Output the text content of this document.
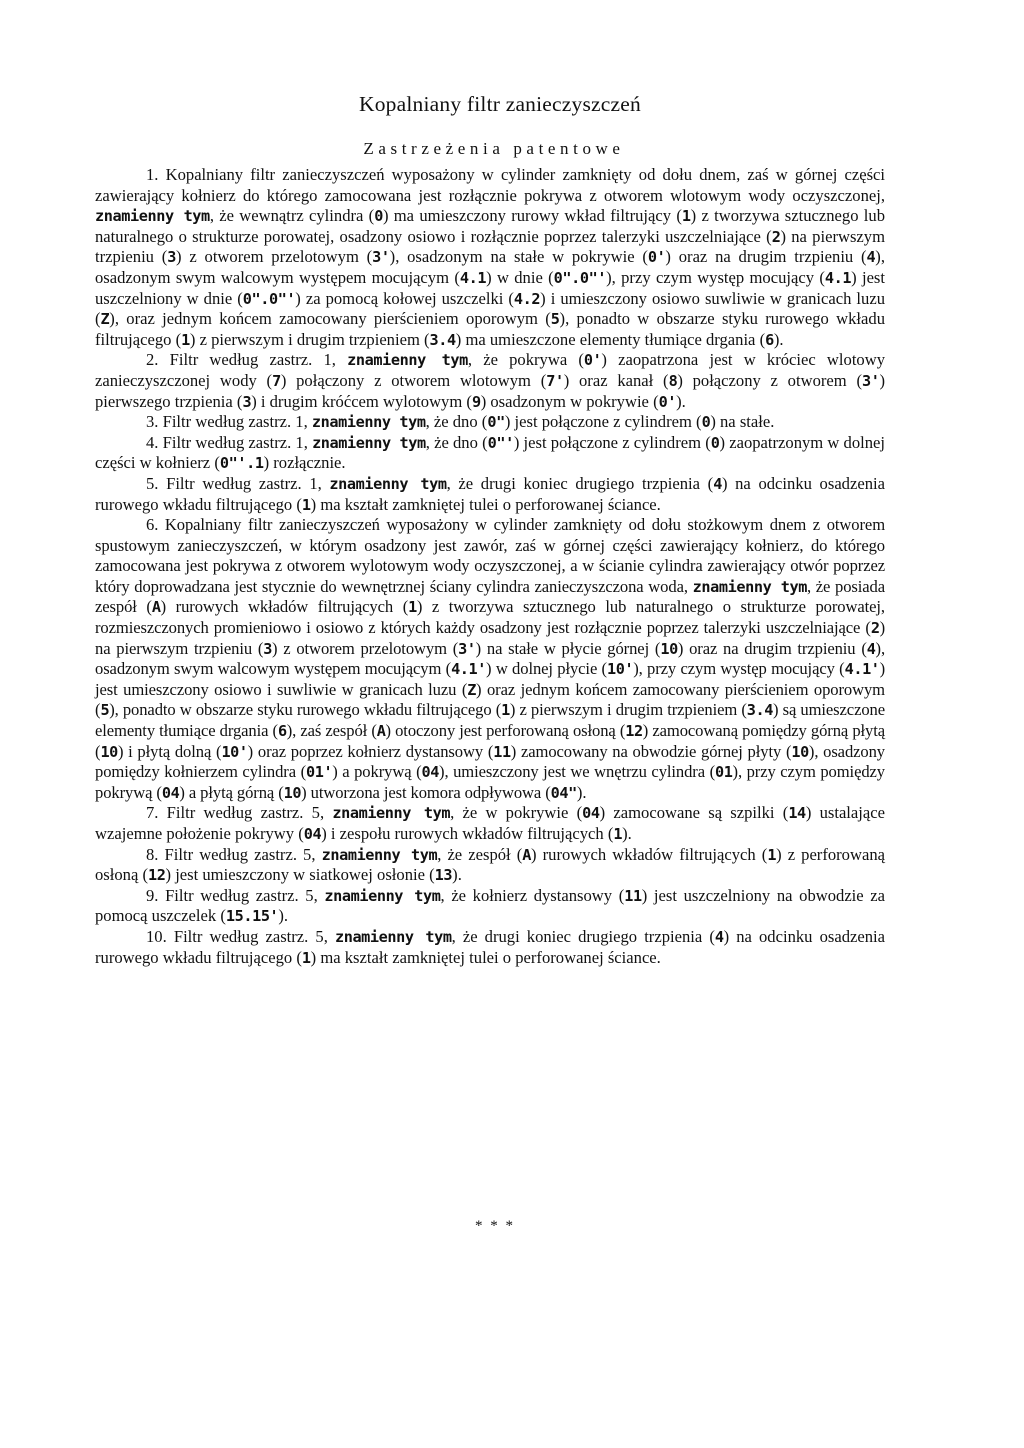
Kopalniany filtr zanieczyszczeń
Zastrzeżenia patentowe

1. Kopalniany filtr zanieczyszczeń wyposażony w cylinder zamknięty od dołu dnem, zaś w górnej części zawierający kołnierz do którego zamocowana jest rozłącznie pokrywa z otworem wlotowym wody oczyszczonej, znamienny tym, że wewnątrz cylindra (0) ma umieszczony rurowy wkład filtrujący (1) z tworzywa sztucznego lub naturalnego o strukturze porowatej, osadzony osiowo i rozłącznie poprzez talerzyki uszczelniające (2) na pierwszym trzpieniu (3) z otworem przelotowym (3'), osadzonym na stałe w pokrywie (0') oraz na drugim trzpieniu (4), osadzonym swym walcowym występem mocującym (4.1) w dnie (0".0"'), przy czym występ mocujący (4.1) jest uszczelniony w dnie (0".0"') za pomocą kołowej uszczelki (4.2) i umieszczony osiowo suwliwie w granicach luzu (Z), oraz jednym końcem zamocowany pierścieniem oporowym (5), ponadto w obszarze styku rurowego wkładu filtrującego (1) z pierwszym i drugim trzpieniem (3.4) ma umieszczone elementy tłumiące drgania (6).

2. Filtr według zastrz. 1, znamienny tym, że pokrywa (0') zaopatrzona jest w króciec wlotowy zanieczyszczonej wody (7) połączony z otworem wlotowym (7') oraz kanał (8) połączony z otworem (3') pierwszego trzpienia (3) i drugim króćcem wylotowym (9) osadzonym w pokrywie (0').

3. Filtr według zastrz. 1, znamienny tym, że dno (0") jest połączone z cylindrem (0) na stałe.

4. Filtr według zastrz. 1, znamienny tym, że dno (0"') jest połączone z cylindrem (0) zaopatrzonym w dolnej części w kołnierz (0"'.1) rozłącznie.

5. Filtr według zastrz. 1, znamienny tym, że drugi koniec drugiego trzpienia (4) na odcinku osadzenia rurowego wkładu filtrującego (1) ma kształt zamkniętej tulei o perforowanej ściance.

6. Kopalniany filtr zanieczyszczeń wyposażony w cylinder zamknięty od dołu stożkowym dnem z otworem spustowym zanieczyszczeń, w którym osadzony jest zawór, zaś w górnej części zawierający kołnierz, do którego zamocowana jest pokrywa z otworem wylotowym wody oczyszczonej, a w ścianie cylindra zawierający otwór poprzez który doprowadzana jest stycznie do wewnętrznej ściany cylindra zanieczyszczona woda, znamienny tym, że posiada zespół (A) rurowych wkładów filtrujących (1) z tworzywa sztucznego lub naturalnego o strukturze porowatej, rozmieszczonych promieniowo i osiowo z których każdy osadzony jest rozłącznie poprzez talerzyki uszczelniające (2) na pierwszym trzpieniu (3) z otworem przelotowym (3') na stałe w płycie górnej (10) oraz na drugim trzpieniu (4), osadzonym swym walcowym występem mocującym (4.1') w dolnej płycie (10'), przy czym występ mocujący (4.1') jest umieszczony osiowo i suwliwie w granicach luzu (Z) oraz jednym końcem zamocowany pierścieniem oporowym (5), ponadto w obszarze styku rurowego wkładu filtrującego (1) z pierwszym i drugim trzpieniem (3.4) są umieszczone elementy tłumiące drgania (6), zaś zespół (A) otoczony jest perforowaną osłoną (12) zamocowaną pomiędzy górną płytą (10) i płytą dolną (10') oraz poprzez kołnierz dystansowy (11) zamocowany na obwodzie górnej płyty (10), osadzony pomiędzy kołnierzem cylindra (01') a pokrywą (04), umieszczony jest we wnętrzu cylindra (01), przy czym pomiędzy pokrywą (04) a płytą górną (10) utworzona jest komora odpływowa (04").

7. Filtr według zastrz. 5, znamienny tym, że w pokrywie (04) zamocowane są szpilki (14) ustalające wzajemne położenie pokrywy (04) i zespołu rurowych wkładów filtrujących (1).

8. Filtr według zastrz. 5, znamienny tym, że zespół (A) rurowych wkładów filtrujących (1) z perforowaną osłoną (12) jest umieszczony w siatkowej osłonie (13).

9. Filtr według zastrz. 5, znamienny tym, że kołnierz dystansowy (11) jest uszczelniony na obwodzie za pomocą uszczelek (15.15').

10. Filtr według zastrz. 5, znamienny tym, że drugi koniec drugiego trzpienia (4) na odcinku osadzenia rurowego wkładu filtrującego (1) ma kształt zamkniętej tulei o perforowanej ściance.

* * *
